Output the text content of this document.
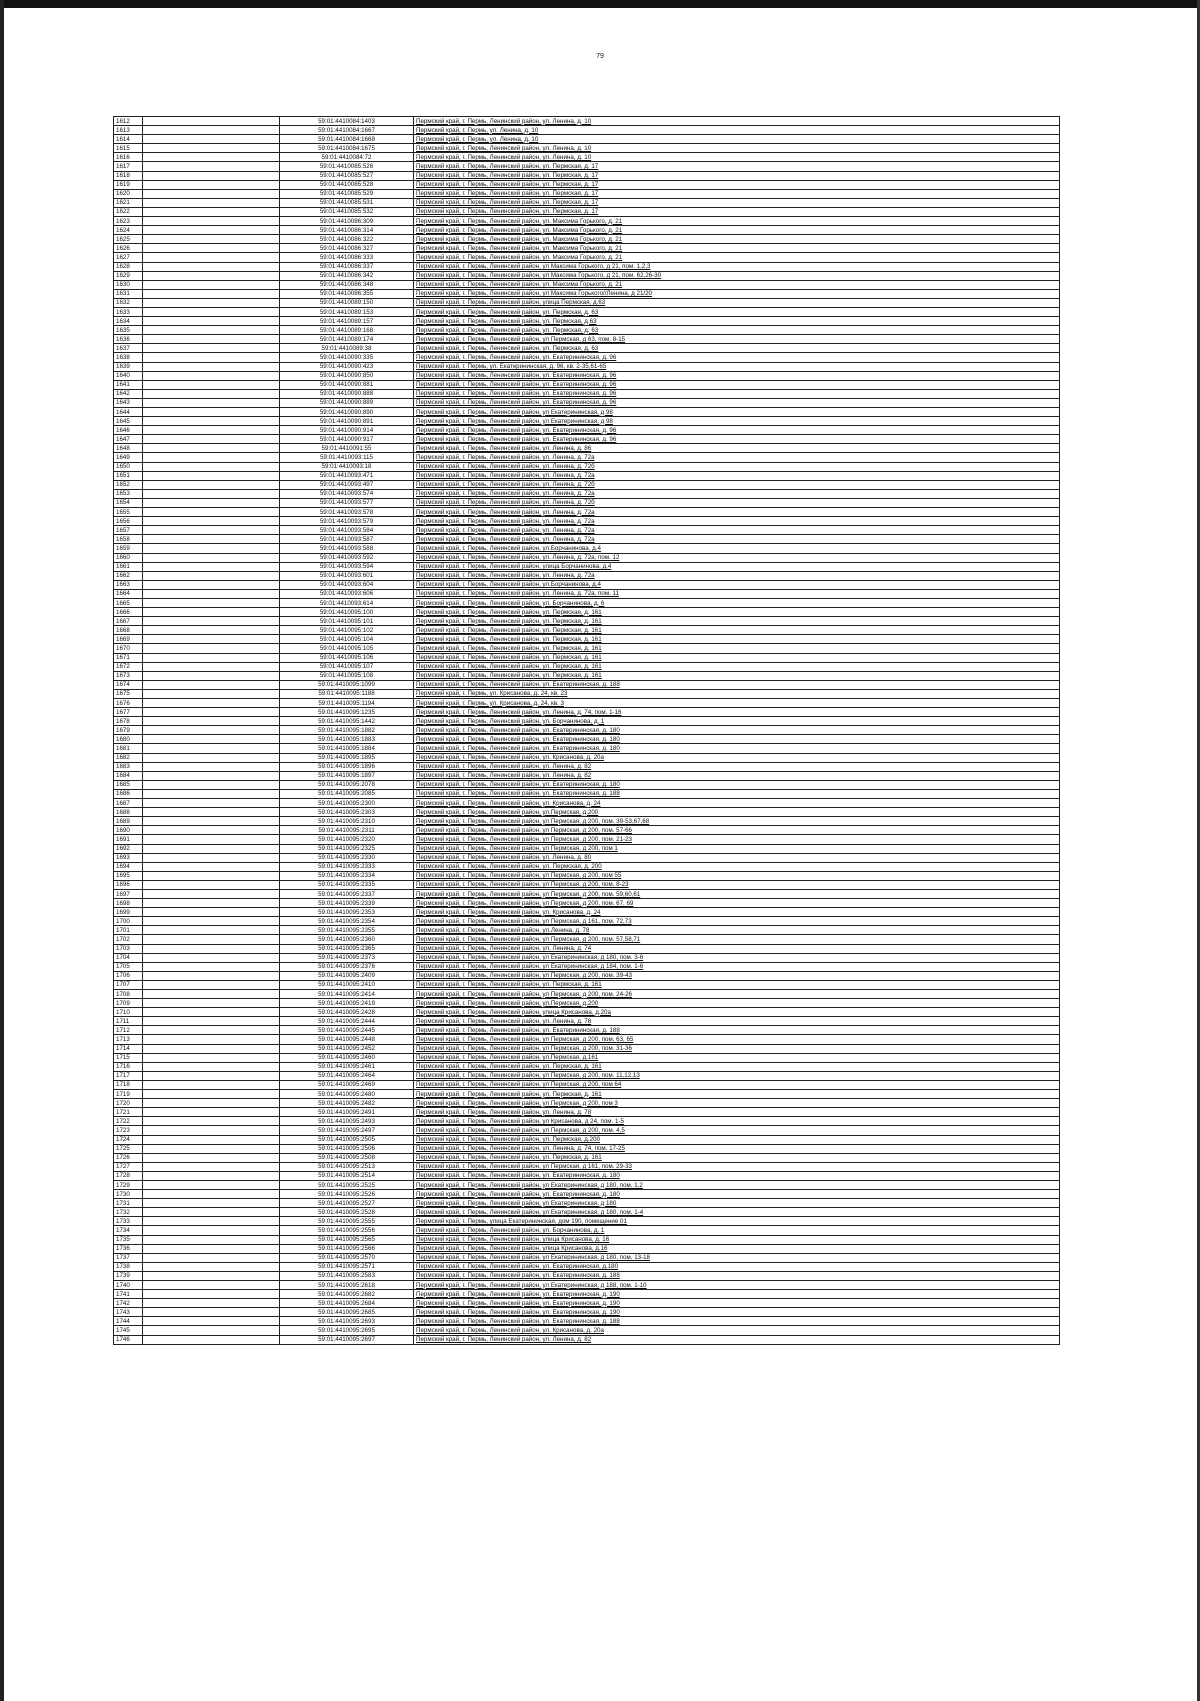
79
1612		59:01:4410084:1403	Пермский край, г. Пермь, Ленинский район, ул. Ленина, д. 10
1613		59:01:4410084:1667	Пермский край, г. Пермь, ул. Ленина, д. 10
1614		59:01:4410084:1668	Пермский край, г. Пермь, ул. Ленина, д. 10
1615		59:01:4410084:1675	Пермский край, г. Пермь, Ленинский район, ул. Ленина, д. 10
1616		59:01:4410084:72	Пермский край, г. Пермь, Ленинский район, ул. Ленина, д. 10
1617		59:01:4410085:526	Пермский край, г. Пермь, Ленинский район, ул. Пермская, д. 17
1618		59:01:4410085:527	Пермский край, г. Пермь, Ленинский район, ул. Пермская, д. 17
1619		59:01:4410085:528	Пермский край, г. Пермь, Ленинский район, ул. Пермская, д. 17
1620		59:01:4410085:529	Пермский край, г. Пермь, Ленинский район, ул. Пермская, д. 17
1621		59:01:4410085:531	Пермский край, г. Пермь, Ленинский район, ул. Пермская, д. 17
1622		59:01:4410085:532	Пермский край, г. Пермь, Ленинский район, ул. Пермская, д. 17
1623		59:01:4410086:309	Пермский край, г. Пермь, Ленинский район, ул. Максима Горького, д. 21
1624		59:01:4410086:314	Пермский край, г. Пермь, Ленинский район, ул. Максима Горького, д. 21
1625		59:01:4410086:322	Пермский край, г. Пермь, Ленинский район, ул. Максима Горького, д. 21
1626		59:01:4410086:327	Пермский край, г. Пермь, Ленинский район, ул. Максима Горького, д. 21
1627		59:01:4410086:333	Пермский край, г. Пермь, Ленинский район, ул. Максима Горького, д. 21
1628		59:01:4410086:337	Пермский край, г. Пермь, Ленинский район, ул Максима Горького, д 21, пом. 1,2,3
1629		59:01:4410086:342	Пермский край, г. Пермь, Ленинский район, ул Максима Горького, д 21, пом. 62,26-30
1630		59:01:4410086:348	Пермский край, г. Пермь, Ленинский район, ул. Максима Горького, д. 21
1631		59:01:4410086:355	Пермский край, г. Пермь, Ленинский район, ул Максима Горького//Ленина, д 21/20
1632		59:01:4410089:150	Пермский край, г. Пермь, Ленинский район, улица Пермская, д.63
1633		59:01:4410089:153	Пермский край, г. Пермь, Ленинский район, ул. Пермская, д. 63
1634		59:01:4410089:157	Пермский край, г. Пермь, Ленинский район, ул. Пермская, д.63
1635		59:01:4410089:168	Пермский край, г. Пермь, Ленинский район, ул. Пермская, д. 63
1636		59:01:4410089:174	Пермский край, г. Пермь, Ленинский район, ул Пермская, д 63, пом. 8-15
1637		59:01:4410089:38	Пермский край, г. Пермь, Ленинский район, ул. Пермская, д. 63
1638		59:01:4410090:335	Пермский край, г. Пермь, Ленинский район, ул. Екатерининская, д. 96
1639		59:01:4410090:423	Пермский край, г. Пермь, ул. Екатерининская, д. 96, кв. 2-35,61-65
1640		59:01:4410090:850	Пермский край, г. Пермь, Ленинский район, ул. Екатерининская, д. 96
1641		59:01:4410090:881	Пермский край, г. Пермь, Ленинский район, ул. Екатерининская, д. 96
1642		59:01:4410090:888	Пермский край, г. Пермь, Ленинский район, ул. Екатерининская, д. 96
1643		59:01:4410090:889	Пермский край, г. Пермь, Ленинский район, ул. Екатерининская, д. 96
1644		59:01:4410090:890	Пермский край, г. Пермь, Ленинский район, ул Екатерининская, д 98
1645		59:01:4410090:891	Пермский край, г. Пермь, Ленинский район, ул Екатерининская, д 98
1646		59:01:4410090:914	Пермский край, г. Пермь, Ленинский район, ул. Екатерининская, д. 96
1647		59:01:4410090:917	Пермский край, г. Пермь, Ленинский район, ул. Екатерининская, д. 96
1648		59:01:4410091:55	Пермский край, г. Пермь, Ленинский район, ул. Ленина, д. 86
1649		59:01:4410093:115	Пермский край, г. Пермь, Ленинский район, ул. Ленина, д. 72а
1650		59:01:4410093:18	Пермский край, г. Пермь, Ленинский район, ул. Ленина, д. 72б
1651		59:01:4410093:471	Пермский край, г. Пермь, Ленинский район, ул. Ленина, д. 72а
1652		59:01:4410093:497	Пермский край, г. Пермь, Ленинский район, ул. Ленина, д. 72б
1653		59:01:4410093:574	Пермский край, г. Пермь, Ленинский район, ул. Ленина, д. 72а
1654		59:01:4410093:577	Пермский край, г. Пермь, Ленинский район, ул. Ленина, д. 72б
1655		59:01:4410093:578	Пермский край, г. Пермь, Ленинский район, ул. Ленина, д. 72а
1656		59:01:4410093:579	Пермский край, г. Пермь, Ленинский район, ул. Ленина, д. 72а
1657		59:01:4410093:584	Пермский край, г. Пермь, Ленинский район, ул. Ленина, д. 72а
1658		59:01:4410093:587	Пермский край, г. Пермь, Ленинский район, ул. Ленина, д. 72а
1659		59:01:4410093:588	Пермский край, г. Пермь, Ленинский район, ул.Борчанинова, д.4
1660		59:01:4410093:592	Пермский край, г. Пермь, Ленинский район, ул. Ленина, д. 72а, пом. 12
1661		59:01:4410093:594	Пермский край, г. Пермь, Ленинский район, улица Борчанинова, д.4
1662		59:01:4410093:601	Пермский край, г. Пермь, Ленинский район, ул. Ленина, д. 72а
1663		59:01:4410093:604	Пермский край, г. Пермь, Ленинский район, ул.Борчанинова, д.4
1664		59:01:4410093:606	Пермский край, г. Пермь, Ленинский район, ул. Ленина, д. 72а, пом. 11
1665		59:01:4410093:614	Пермский край, г. Пермь, Ленинский район, ул. Борчанинова, д. 6
1666		59:01:4410095:100	Пермский край, г. Пермь, Ленинский район, ул. Пермская, д. 161
1667		59:01:4410095:101	Пермский край, г. Пермь, Ленинский район, ул. Пермская, д. 161
1668		59:01:4410095:102	Пермский край, г. Пермь, Ленинский район, ул. Пермская, д. 161
1669		59:01:4410095:104	Пермский край, г. Пермь, Ленинский район, ул. Пермская, д. 161
1670		59:01:4410095:105	Пермский край, г. Пермь, Ленинский район, ул. Пермская, д. 161
1671		59:01:4410095:106	Пермский край, г. Пермь, Ленинский район, ул. Пермская, д. 161
1672		59:01:4410095:107	Пермский край, г. Пермь, Ленинский район, ул. Пермская, д. 161
1673		59:01:4410095:108	Пермский край, г. Пермь, Ленинский район, ул. Пермская, д. 161
1674		59:01:4410095:1099	Пермский край, г. Пермь, Ленинский район, ул. Екатерининская, д. 188
1675		59:01:4410095:1188	Пермский край, г. Пермь, ул. Крисанова, д. 24, кв. 23
1676		59:01:4410095:1194	Пермский край, г. Пермь, ул. Крисанова, д. 24, кв. 3
1677		59:01:4410095:1235	Пермский край, г. Пермь, Ленинский район, ул. Ленина, д. 74, пом. 1-16
1678		59:01:4410095:1442	Пермский край, г. Пермь, Ленинский район, ул. Борчанинова, д. 1
1679		59:01:4410095:1882	Пермский край, г. Пермь, Ленинский район, ул. Екатерининская, д. 180
1680		59:01:4410095:1883	Пермский край, г. Пермь, Ленинский район, ул. Екатерининская, д. 180
1681		59:01:4410095:1884	Пермский край, г. Пермь, Ленинский район, ул. Екатерининская, д. 180
1682		59:01:4410095:1895	Пермский край, г. Пермь, Ленинский район, ул. Крисанова, д. 20а
1683		59:01:4410095:1896	Пермский край, г. Пермь, Ленинский район, ул. Ленина, д. 82
1684		59:01:4410095:1897	Пермский край, г. Пермь, Ленинский район, ул. Ленина, д. 82
1685		59:01:4410095:2078	Пермский край, г. Пермь, Ленинский район, ул. Екатерининская, д. 180
1686		59:01:4410095:2085	Пермский край, г. Пермь, Ленинский район, ул. Екатерининская, д. 188
1687		59:01:4410095:2300	Пермский край, г. Пермь, Ленинский район, ул. Крисанова, д. 24
1688		59:01:4410095:2303	Пермский край, г. Пермь, Ленинский район, ул.Пермская, д.200
1689		59:01:4410095:2310	Пермский край, г. Пермь, Ленинский район, ул Пермская, д 200, пом. 39-53,67,68
1690		59:01:4410095:2311	Пермский край, г. Пермь, Ленинский район, ул Пермская, д 200, пом. 57-66
1691		59:01:4410095:2320	Пермский край, г. Пермь, Ленинский район, ул Пермская, д 200, пом. 21-23
1692		59:01:4410095:2325	Пермский край, г. Пермь, Ленинский район, ул Пермская, д 200, пом 1
1693		59:01:4410095:2330	Пермский край, г. Пермь, Ленинский район, ул. Ленина, д. 80
1694		59:01:4410095:2333	Пермский край, г. Пермь, Ленинский район, ул. Пермская, д. 200
1695		59:01:4410095:2334	Пермский край, г. Пермь, Ленинский район, ул Пермская, д 200, пом 55
1696		59:01:4410095:2335	Пермский край, г. Пермь, Ленинский район, ул Пермская, д 200, пом. 8-23
1697		59:01:4410095:2337	Пермский край, г. Пермь, Ленинский район, ул Пермская, д 200, пом. 59,60,61
1698		59:01:4410095:2339	Пермский край, г. Пермь, Ленинский район, ул Пермская, д 200, пом. 67, 69
1699		59:01:4410095:2353	Пермский край, г. Пермь, Ленинский район, ул. Крисанова, д. 24
1700		59:01:4410095:2354	Пермский край, г. Пермь, Ленинский район, ул Пермская, д 161, пом. 72,73
1701		59:01:4410095:2355	Пермский край, г. Пермь, Ленинский район, ул.Ленина, д. 78
1702		59:01:4410095:2360	Пермский край, г. Пермь, Ленинский район, ул Пермская, д 200, пом. 57,58,71
1703		59:01:4410095:2365	Пермский край, г. Пермь, Ленинский район, ул. Ленина, д. 74
1704		59:01:4410095:2373	Пермский край, г. Пермь, Ленинский район, ул Екатерининская, д 180, пом. 3-6
1705		59:01:4410095:2376	Пермский край, г. Пермь, Ленинский район, ул Екатерининская, д 184, пом. 1-6
1706		59:01:4410095:2409	Пермский край, г. Пермь, Ленинский район, ул Пермская, д 200, пом. 39-43
1707		59:01:4410095:2410	Пермский край, г. Пермь, Ленинский район, ул. Пермская, д. 161
1708		59:01:4410095:2414	Пермский край, г. Пермь, Ленинский район, ул Пермская, д 200, пом. 24-26
1709		59:01:4410095:2419	Пермский край, г. Пермь, Ленинский район, ул.Пермская, д.200
1710		59:01:4410095:2428	Пермский край, г. Пермь, Ленинский район, улица Крисанова, д.20а
1711		59:01:4410095:2444	Пермский край, г. Пермь, Ленинский район, ул. Ленина, д. 78
1712		59:01:4410095:2445	Пермский край, г. Пермь, Ленинский район, ул. Екатерининская, д. 188
1713		59:01:4410095:2448	Пермский край, г. Пермь, Ленинский район, ул Пермская, д 200, пом. 63, 65
1714		59:01:4410095:2452	Пермский край, г. Пермь, Ленинский район, ул Пермская, д 200, пом. 31-36
1715		59:01:4410095:2460	Пермский край, г. Пермь, Ленинский район, ул.Пермская, д.161
1716		59:01:4410095:2461	Пермский край, г. Пермь, Ленинский район, ул. Пермская, д. 161
1717		59:01:4410095:2464	Пермский край, г. Пермь, Ленинский район, ул Пермская, д 200, пом. 11,12,13
1718		59:01:4410095:2469	Пермский край, г. Пермь, Ленинский район, ул Пермская, д 200, пом 64
1719		59:01:4410095:2480	Пермский край, г. Пермь, Ленинский район, ул. Пермская, д. 161
1720		59:01:4410095:2482	Пермский край, г. Пермь, Ленинский район, ул Пермская, д 200, пом 3
1721		59:01:4410095:2491	Пермский край, г. Пермь, Ленинский район, ул. Ленина, д. 78
1722		59:01:4410095:2493	Пермский край, г. Пермь, Ленинский район, ул Крисанова, д 24, пом. 1-5
1723		59:01:4410095:2497	Пермский край, г. Пермь, Ленинский район, ул Пермская, д 200, пом. 4,5
1724		59:01:4410095:2505	Пермский край, г. Пермь, Ленинский район, ул. Пермская, д.200
1725		59:01:4410095:2506	Пермский край, г. Пермь, Ленинский район, ул. Ленина, д. 74, пом. 17-25
1726		59:01:4410095:2508	Пермский край, г. Пермь, Ленинский район, ул. Пермская, д. 161
1727		59:01:4410095:2513	Пермский край, г. Пермь, Ленинский район, ул Пермская, д 161, пом. 29-33
1728		59:01:4410095:2514	Пермский край, г. Пермь, Ленинский район, ул. Екатерининская, д. 180
1729		59:01:4410095:2525	Пермский край, г. Пермь, Ленинский район, ул Екатерининская, д 180, пом. 1,2
1730		59:01:4410095:2526	Пермский край, г. Пермь, Ленинский район, ул. Екатерининская, д. 180
1731		59:01:4410095:2527	Пермский край, г. Пермь, Ленинский район, ул Екатерининская, д 180
1732		59:01:4410095:2528	Пермский край, г. Пермь, Ленинский район, ул Екатерининская, д 180, пом. 1-4
1733		59:01:4410095:2555	Пермский край, г. Пермь, улица Екатерининская, дом 190, помещение 01
1734		59:01:4410095:2556	Пермский край, г. Пермь, Ленинский район, ул. Борчанинова, д. 1
1735		59:01:4410095:2565	Пермский край, г. Пермь, Ленинский район, улица Крисанова, д. 16
1736		59:01:4410095:2566	Пермский край, г. Пермь, Ленинский район, улица Крисанова, д.16
1737		59:01:4410095:2570	Пермский край, г. Пермь, Ленинский район, ул Екатерининская, д 180, пом. 13-18
1738		59:01:4410095:2571	Пермский край, г. Пермь, Ленинский район, ул. Екатерининская, д.180
1739		59:01:4410095:2583	Пермский край, г. Пермь, Ленинский район, ул. Екатерининская, д. 188
1740		59:01:4410095:2618	Пермский край, г. Пермь, Ленинский район, ул Екатерининская, д 188, пом. 1-10
1741		59:01:4410095:2682	Пермский край, г. Пермь, Ленинский район, ул. Екатерининская, д. 190
1742		59:01:4410095:2684	Пермский край, г. Пермь, Ленинский район, ул. Екатерининская, д. 190
1743		59:01:4410095:2685	Пермский край, г. Пермь, Ленинский район, ул. Екатерининская, д. 190
1744		59:01:4410095:2693	Пермский край, г. Пермь, Ленинский район, ул. Екатерининская, д. 188
1745		59:01:4410095:2695	Пермский край, г. Пермь, Ленинский район, ул. Крисанова, д. 20а
1746		59:01:4410095:2697	Пермский край, г. Пермь, Ленинский район, ул. Ленина, д. 82
